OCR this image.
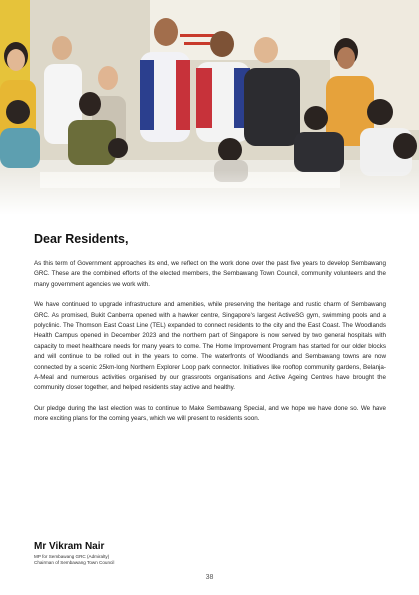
Dear Residents,

As this term of Government approaches its end, we reflect on the work done over the past five years to develop Sembawang GRC. These are the combined efforts of the elected members, the Sembawang Town Council, community volunteers and the many government agencies we work with.

We have continued to upgrade infrastructure and amenities, while preserving the heritage and rustic charm of Sembawang GRC. As promised, Bukit Canberra opened with a hawker centre, Singapore's largest ActiveSG gym, swimming pools and a polyclinic. The Thomson East Coast Line (TEL) expanded to connect residents to the city and the East Coast. The Woodlands Health Campus opened in December 2023 and the northern part of Singapore is now served by two general hospitals with capacity to meet healthcare needs for many years to come. The Home Improvement Program has started for our older blocks and will continue to be rolled out in the years to come. The waterfronts of Woodlands and Sembawang towns are now connected by a scenic 25km-long Northern Explorer Loop park connector. Initiatives like rooftop community gardens, Belanja-A-Meal and numerous activities organised by our grassroots organisations and Active Ageing Centres have brought the community closer together, and helped residents stay active and healthy.

Our pledge during the last election was to continue to Make Sembawang Special, and we hope we have done so. We have more exciting plans for the coming years, which we will present to residents soon.

Mr Vikram Nair

MP for Sembawang GRC (Admiralty)

Chairman of Sembawang Town Council

38
